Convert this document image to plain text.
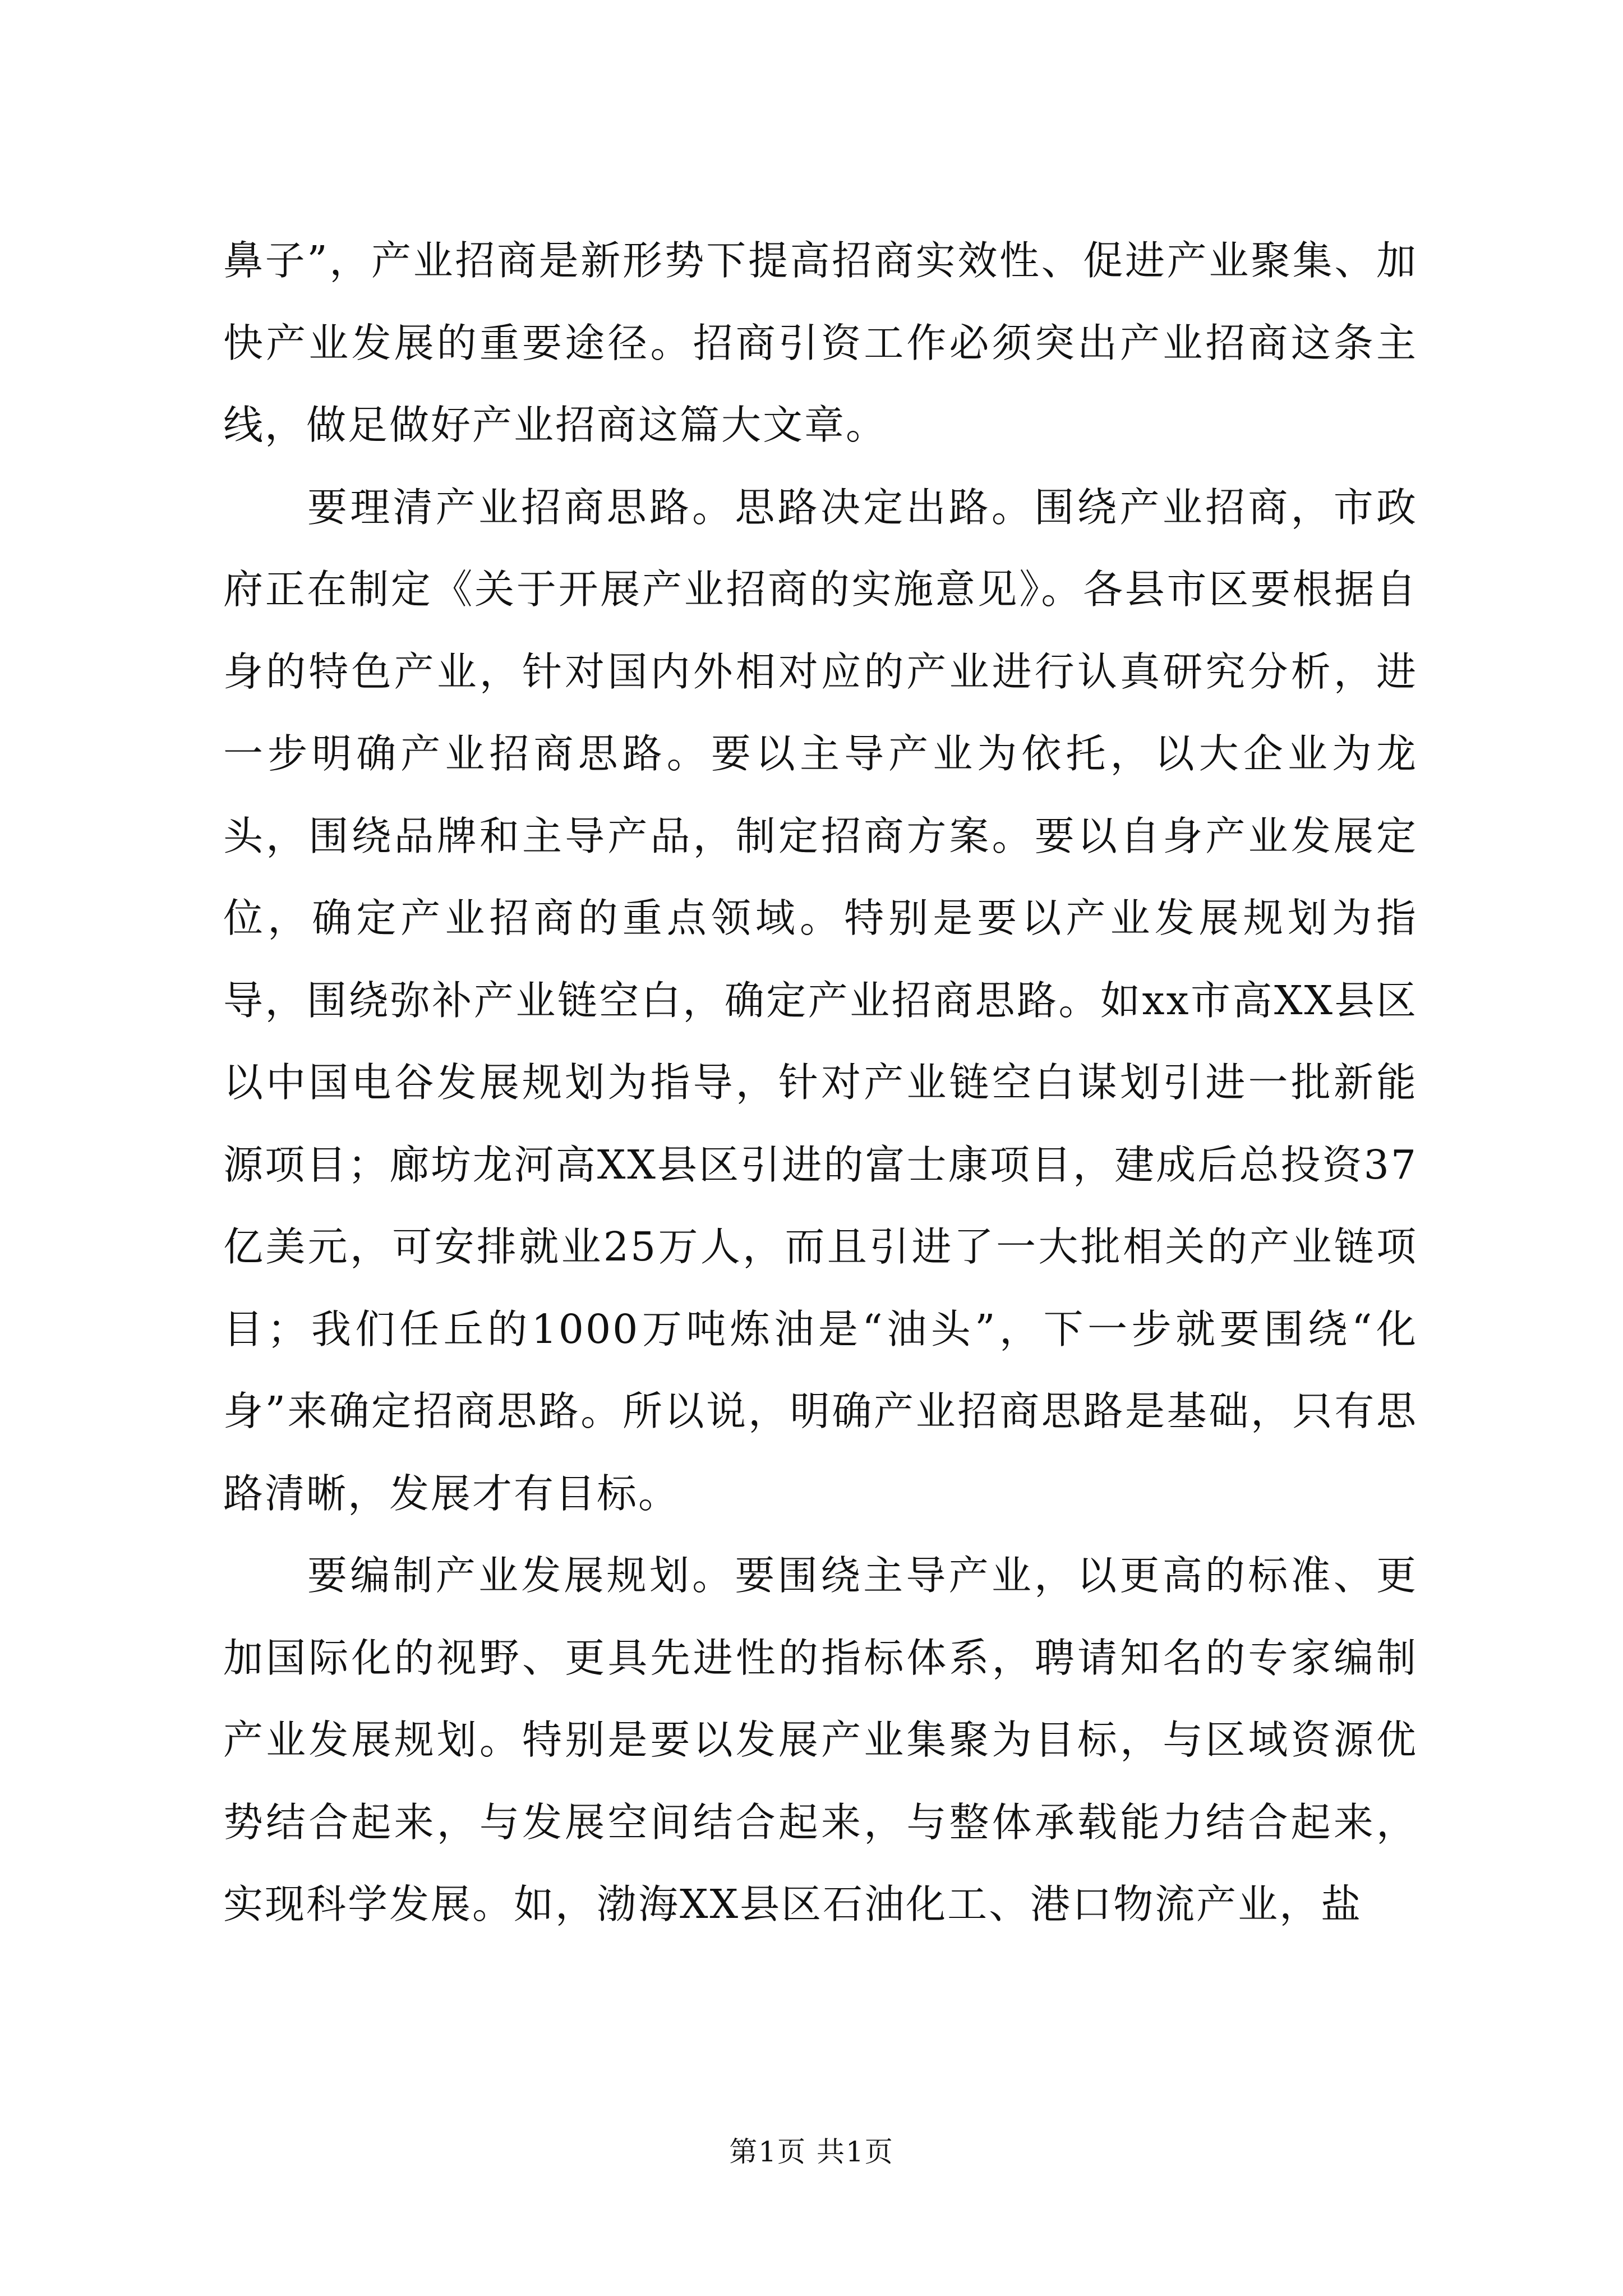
鼻子”，产业招商是新形势下提高招商实效性、促进产业聚集、加快产业发展的重要途径。招商引资工作必须突出产业招商这条主线，做足做好产业招商这篇大文章。

要理清产业招商思路。思路决定出路。围绕产业招商，市政府正在制定《关于开展产业招商的实施意见》。各县市区要根据自身的特色产业，针对国内外相对应的产业进行认真研究分析，进一步明确产业招商思路。要以主导产业为依托，以大企业为龙头，围绕品牌和主导产品，制定招商方案。要以自身产业发展定位，确定产业招商的重点领域。特别是要以产业发展规划为指导，围绕弥补产业链空白，确定产业招商思路。如xx市高XX县区以中国电谷发展规划为指导，针对产业链空白谋划引进一批新能源项目；廊坊龙河高XX县区引进的富士康项目，建成后总投资37亿美元，可安排就业25万人，而且引进了一大批相关的产业链项目；我们任丘的1000万吨炼油是“油头”，下一步就要围绕“化身”来确定招商思路。所以说，明确产业招商思路是基础，只有思路清晰，发展才有目标。

要编制产业发展规划。要围绕主导产业，以更高的标准、更加国际化的视野、更具先进性的指标体系，聘请知名的专家编制产业发展规划。特别是要以发展产业集聚为目标，与区域资源优势结合起来，与发展空间结合起来，与整体承载能力结合起来，实现科学发展。如，渤海XX县区石油化工、港口物流产业，盐

第1页 共1页
